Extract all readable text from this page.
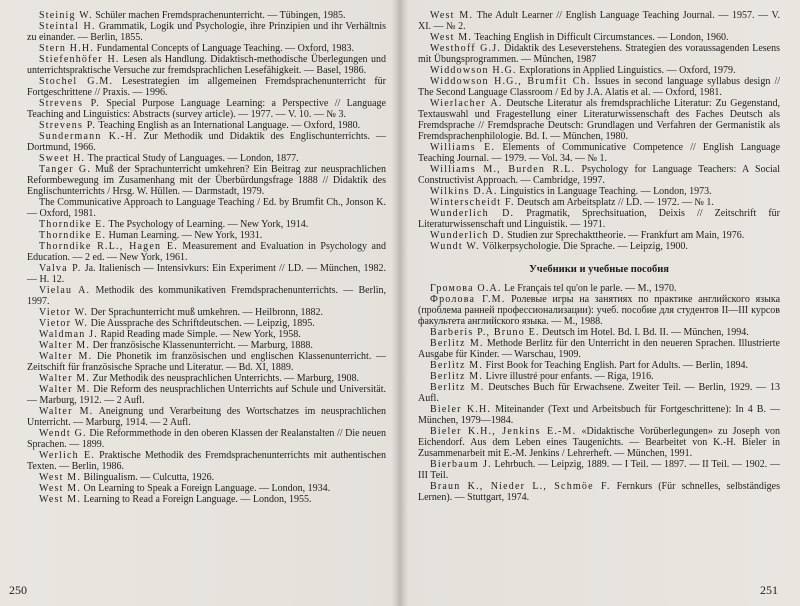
Steinig W. Schüler machen Fremdsprachenunterricht. — Tübingen, 1985.
Steintal H. Grammatik, Logik und Psychologie, ihre Prinzipien und ihr Verhältnis zu einander. — Berlin, 1855.
Stern H.H. Fundamental Concepts of Language Teaching. — Oxford, 1983.
Stiefenhöfer H. Lesen als Handlung. Didaktisch-methodische Überlegungen und unterrichtspraktische Versuche zur fremdsprachlichen Lesefähigkeit. — Basel, 1986.
Stochel G.M. Lesestrategien im allgemeinen Fremdsprachenunterricht für Fortgeschrittene // Praxis. — 1996.
Strevens P. Special Purpose Language Learning: a Perspective // Language Teaching and Linguistics: Abstracts (survey article). — 1977. — V. 10. — № 3.
Strevens P. Teaching English as an International Language. — Oxford, 1980.
Sundermann K.-H. Zur Methodik und Didaktik des Englischunterrichts. — Dortmund, 1966.
Sweet H. The practical Study of Languages. — London, 1877.
Tanger G. Muß der Sprachunterricht umkehren? Ein Beitrag zur neusprachlichen Reformbewegung im Zusamenhang mit der Überbürdungsfrage 1888 // Didaktik des Englischunterrichts / Hrsg. W. Hüllen. — Darmstadt, 1979.
The Communicative Approach to Language Teaching / Ed. by Brumfit Ch., Jonson K. — Oxford, 1981.
Thorndike E. The Psychology of Learning. — New York, 1914.
Thorndike E. Human Learning. — New York, 1931.
Thorndike R.L., Hagen E. Measurement and Evaluation in Psychology and Education. — 2 ed. — New York, 1961.
Valva P. Ja. Italienisch — Intensivkurs: Ein Experiment // LD. — München, 1982. — H. 12.
Vielau A. Methodik des kommunikativen Fremdsprachenunterrichts. — Berlin, 1997.
Vietor W. Der Sprachunterricht muß umkehren. — Heilbronn, 1882.
Vietor W. Die Aussprache des Schriftdeutschen. — Leipzig, 1895.
Waldman J. Rapid Reading made Simple. — New York, 1958.
Walter M. Der französische Klassenunterricht. — Marburg, 1888.
Walter M. Die Phonetik im französischen und englischen Klassenunterricht. — Zeitschift für französische Sprache und Literatur. — Bd. XI, 1889.
Walter M. Zur Methodik des neusprachlichen Unterrichts. — Marburg, 1908.
Walter M. Die Reform des neusprachlichen Unterrichts auf Schule und Universität. — Marburg, 1912. — 2 Aufl.
Walter M. Aneignung und Verarbeitung des Wortschatzes im neusprachlichen Unterricht. — Marburg, 1914. — 2 Aufl.
Wendt G. Die Reformmethode in den oberen Klassen der Realanstalten // Die neuen Sprachen. — 1899.
Werlich E. Praktische Methodik des Fremdsprachenunterrichts mit authentischen Texten. — Berlin, 1986.
West M. Bilingualism. — Culcutta, 1926.
West M. On Learning to Speak a Foreign Language. — London, 1934.
West M. Learning to Read a Foreign Language. — London, 1955.
250
West M. The Adult Learner // English Language Teaching Journal. — 1957. — V. XI. — № 2.
West M. Teaching English in Difficult Circumstances. — London, 1960.
Westhoff G.J. Didaktik des Leseverstehens. Strategien des voraussagenden Lesens mit Übungsprogrammen. — München, 1987
Widdowson H.G. Explorations in Applied Linguistics. — Oxford, 1979.
Widdowson H.G., Brumfit Ch. Issues in second language syllabus design // The Second Language Classroom / Ed by J.A. Alatis et al. — Oxford, 1981.
Wierlacher A. Deutsche Literatur als fremdsprachliche Literatur: Zu Gegenstand, Textauswahl und Fragestellung einer Literaturwissenschaft des Faches Deutsch als Fremdsprache // Fremdsprache Deutsch: Grundlagen und Verfahren der Germanistik als Fremdsprachenphilologie. Bd. I. — München, 1980.
Williams E. Elements of Communicative Competence // English Language Teaching Journal. — 1979. — Vol. 34. — № 1.
Williams M., Burden R.L. Psychology for Language Teachers: A Social Constructivist Approach. — Cambridge, 1997.
Wilkins D.A. Linguistics in Language Teaching. — London, 1973.
Winterscheidt F. Deutsch am Arbeitsplatz // LD. — 1972. — № 1.
Wunderlich D. Pragmatik, Sprechsituation, Deixis // Zeitschrift für Literaturwissenschaft und Linguistik. — 1971.
Wunderlich D. Studien zur Sprechakttheorie. — Frankfurt am Main, 1976.
Wundt W. Völkerpsychologie. Die Sprache. — Leipzig, 1900.
Учебники и учебные пособия
Громова О.А. Le Français tel qu'on le parle. — М., 1970.
Фролова Г.М. Ролевые игры на занятиях по практике английского языка (проблема ранней профессионализации): учеб. пособие для студентов II—III курсов факультета английского языка. — М., 1988.
Barberis P., Bruno E. Deutsch im Hotel. Bd. I. Bd. II. — München, 1994.
Berlitz M. Methode Berlitz für den Unterricht in den neueren Sprachen. Illustrierte Ausgabe für Kinder. — Warschau, 1909.
Berlitz M. First Book for Teaching English. Part for Adults. — Berlin, 1894.
Berlitz M. Livre illustré pour enfants. — Riga, 1916.
Berlitz M. Deutsches Buch für Erwachsene. Zweiter Teil. — Berlin, 1929. — 13 Aufl.
Bieler K.H. Miteinander (Text und Arbeitsbuch für Fortgeschrittene): In 4 B. — München, 1979—1984.
Bieler K.H., Jenkins E.-M. «Didaktische Vorüberlegungen» zu Joseph von Eichendorf. Aus dem Leben eines Taugenichts. — Bearbeitet von K.-H. Bieler in Zusammenarbeit mit E.-M. Jenkins / Lehrerheft. — München, 1991.
Bierbaum J. Lehrbuch. — Leipzig, 1889. — I Teil. — 1897. — II Teil. — 1902. — III Teil.
Braun K., Nieder L., Schmöe F. Fernkurs (Für schnelles, selbständiges Lernen). — Stuttgart, 1974.
251
